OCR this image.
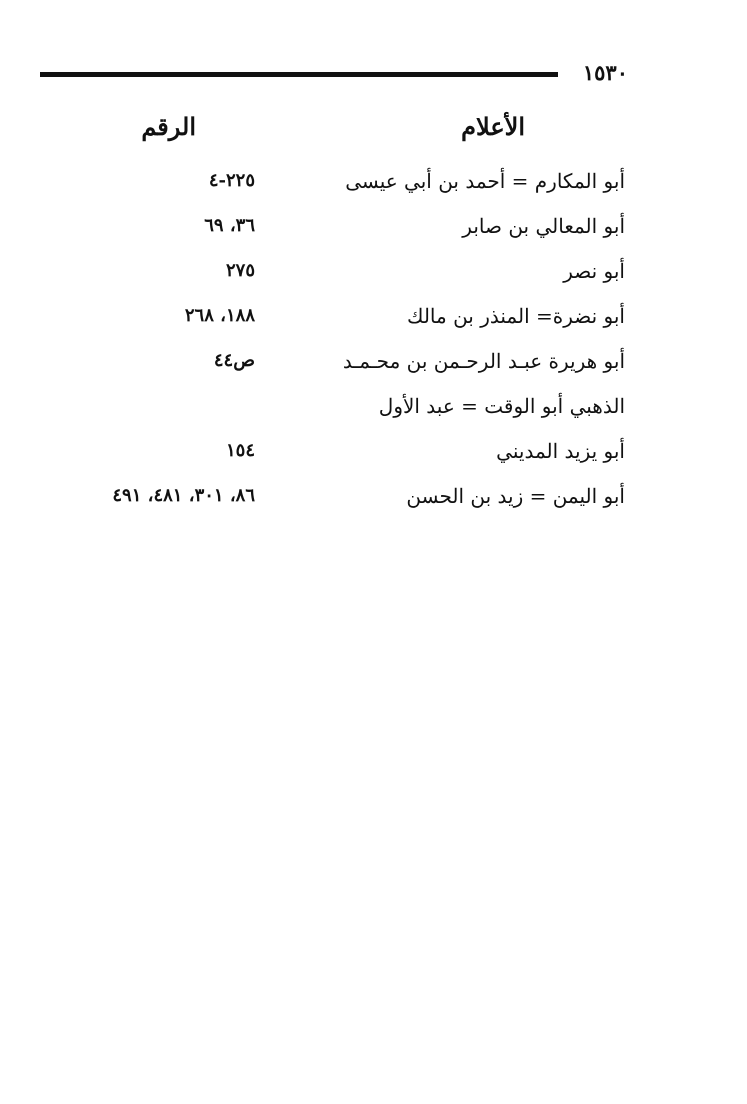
١٥٣٠
الأعلام
الرقم
أبو المكارم = أحمد بن أبي عيسى
٢٢٥-٤
أبو المعالي بن صابر
٣٦، ٦٩
أبو نصر
٢٧٥
أبو نضرة= المنذر بن مالك
١٨٨، ٢٦٨
أبو هريرة عبـد الرحـمن بن محـمـد
ص٤٤
الذهبي أبو الوقت = عبد الأول
أبو يزيد المديني
١٥٤
أبو اليمن = زيد بن الحسن
٨٦، ٣٠١، ٤٨١، ٤٩١
